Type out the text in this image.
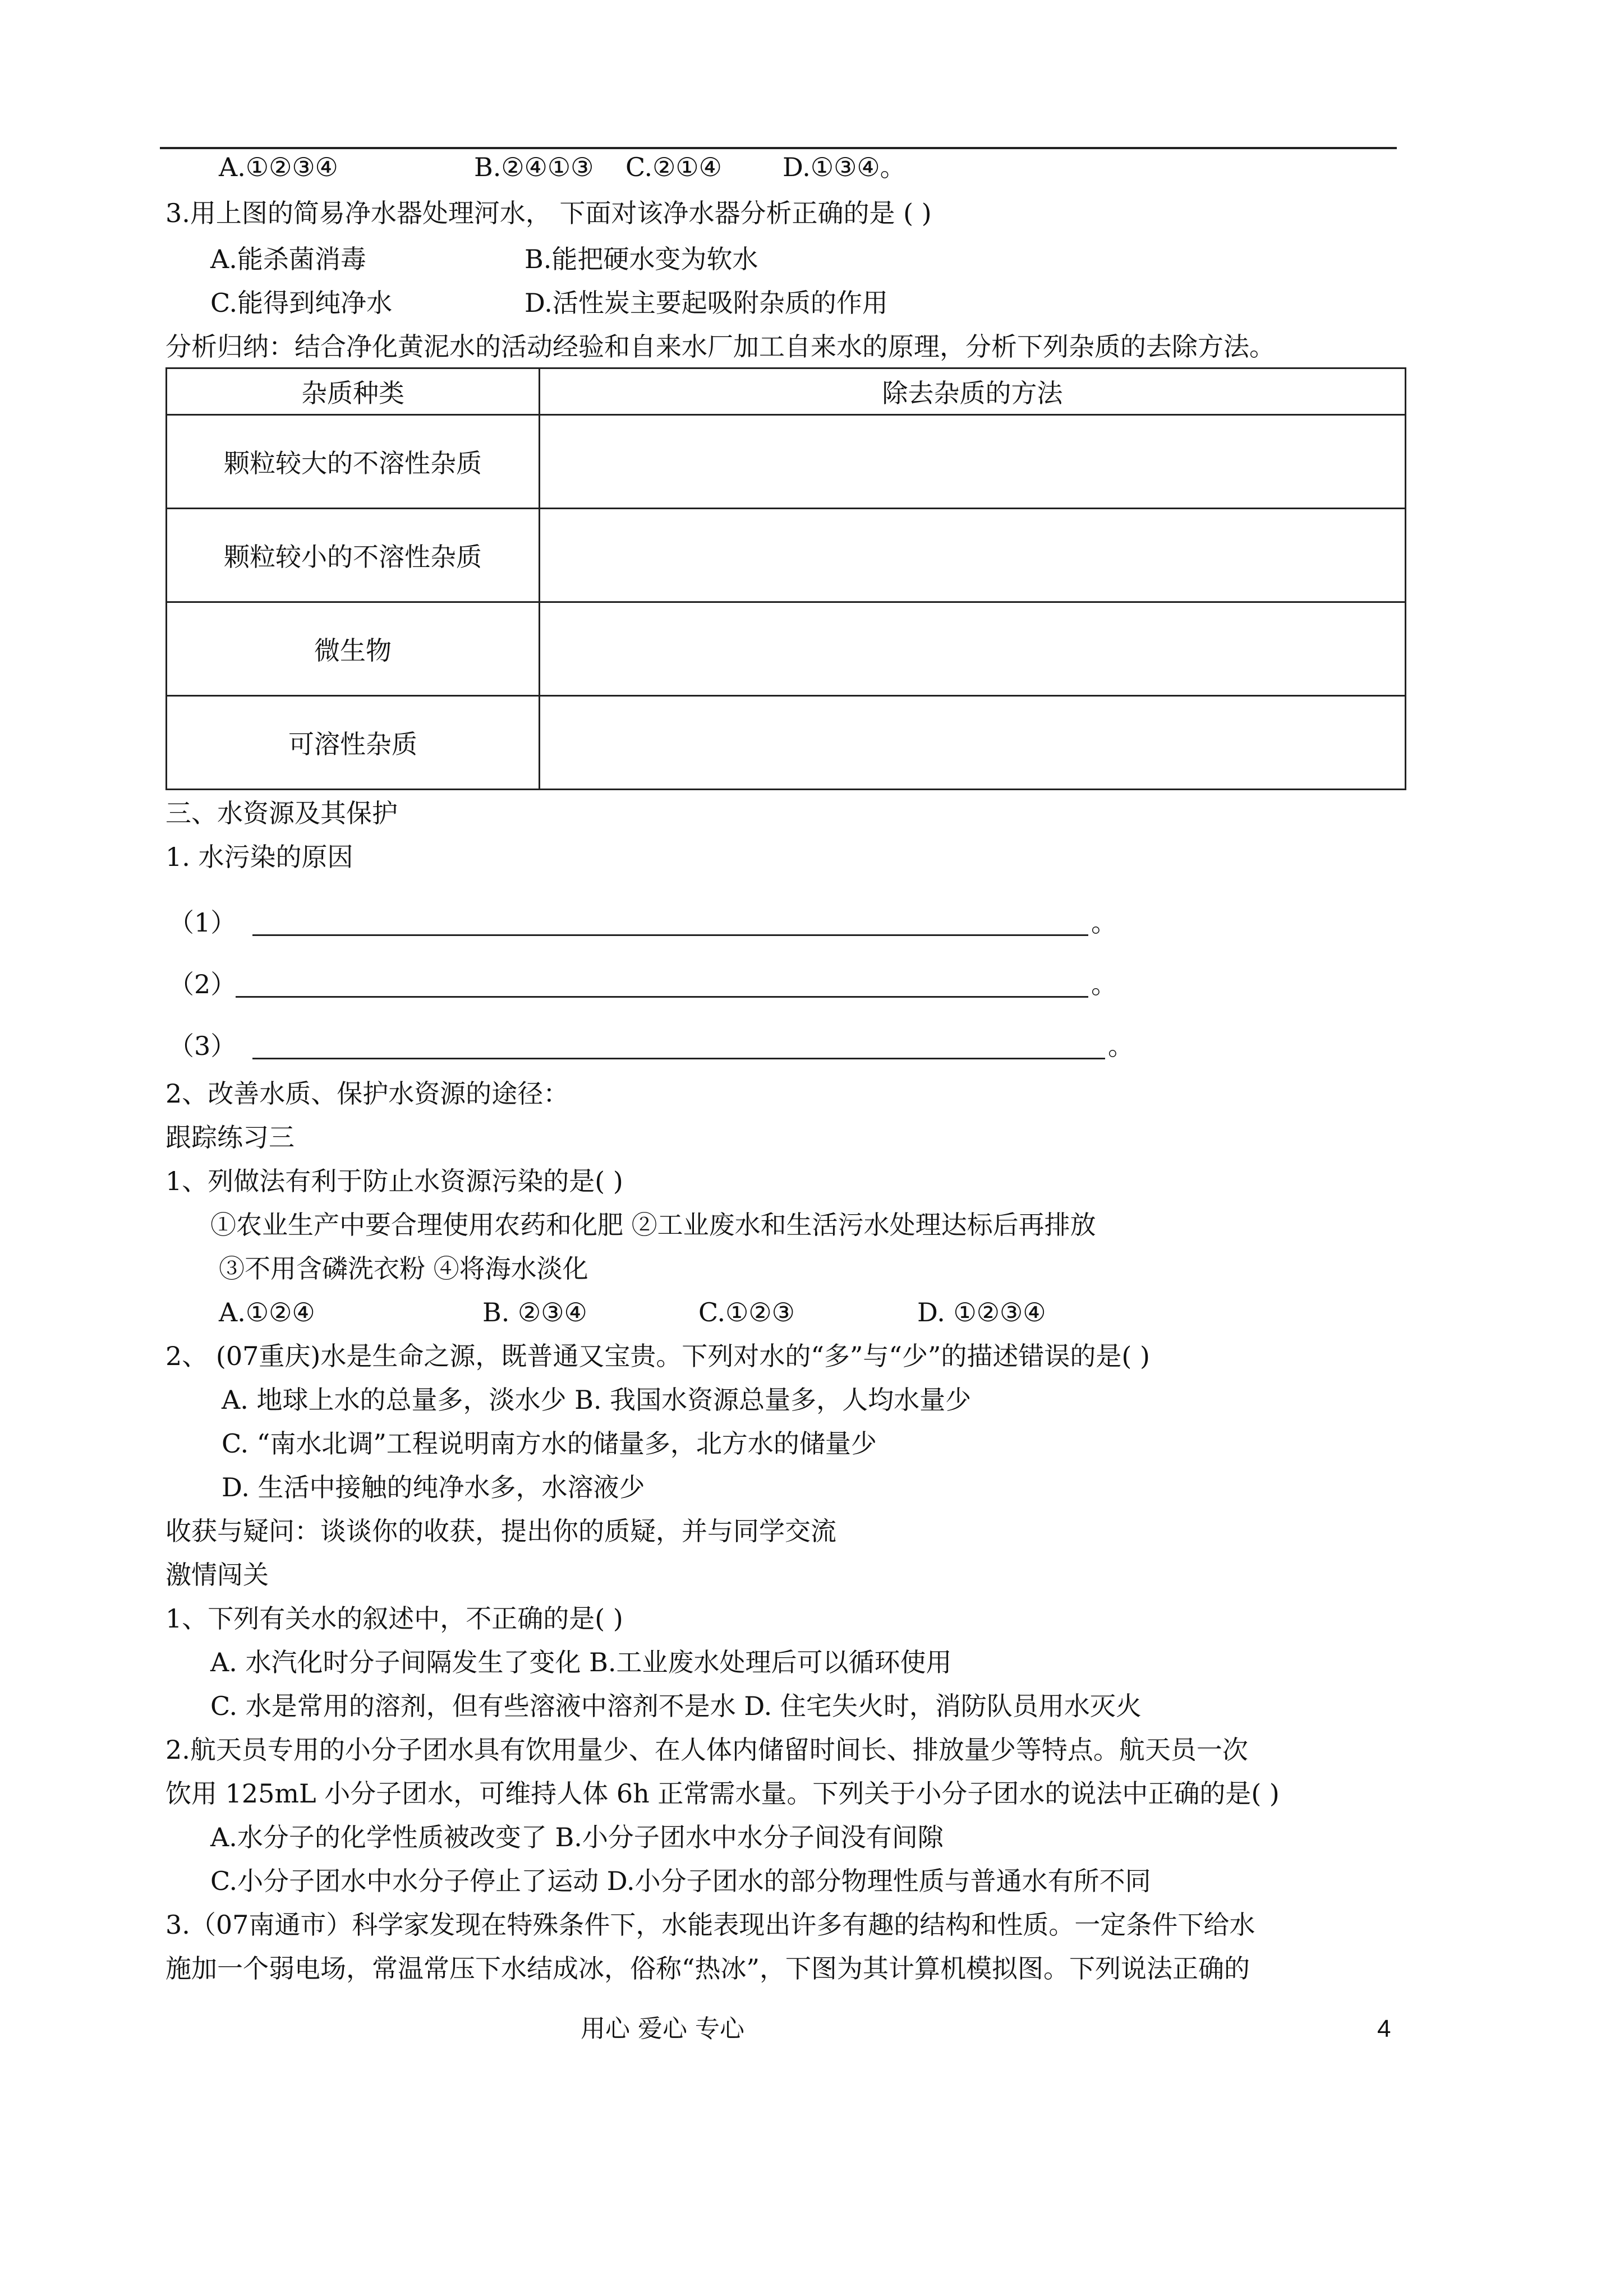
A.①②③④	B.②④①③ C.②①④ D.①③④。
3.用上图的简易净水器处理河水， 下面对该净水器分析正确的是 ( )
A.能杀菌消毒	B.能把硬水变为软水
C.能得到纯净水	D.活性炭主要起吸附杂质的作用
分析归纳：结合净化黄泥水的活动经验和自来水厂加工自来水的原理，分析下列杂质的去除方法。
杂质种类	除去杂质的方法
颗粒较大的不溶性杂质	
颗粒较小的不溶性杂质	
微生物	
可溶性杂质	
三、水资源及其保护
1. 水污染的原因
（1）	。
（2）	。
（3）	。
2、改善水质、保护水资源的途径：
跟踪练习三
1、列做法有利于防止水资源污染的是( )
①农业生产中要合理使用农药和化肥 ②工业废水和生活污水处理达标后再排放
③不用含磷洗衣粉 ④将海水淡化
A.①②④	B. ②③④	C.①②③	D. ①②③④
2、 (07重庆)水是生命之源，既普通又宝贵。下列对水的“多”与“少”的描述错误的是( )
A. 地球上水的总量多，淡水少 B. 我国水资源总量多，人均水量少
C. “南水北调”工程说明南方水的储量多，北方水的储量少
D. 生活中接触的纯净水多，水溶液少
收获与疑问：谈谈你的收获，提出你的质疑，并与同学交流
激情闯关
1、下列有关水的叙述中，不正确的是( )
A. 水汽化时分子间隔发生了变化 B.工业废水处理后可以循环使用
C. 水是常用的溶剂，但有些溶液中溶剂不是水 D. 住宅失火时，消防队员用水灭火
2.航天员专用的小分子团水具有饮用量少、在人体内储留时间长、排放量少等特点。航天员一次
饮用 125mL 小分子团水，可维持人体 6h 正常需水量。下列关于小分子团水的说法中正确的是( )
A.水分子的化学性质被改变了 B.小分子团水中水分子间没有间隙
C.小分子团水中水分子停止了运动 D.小分子团水的部分物理性质与普通水有所不同
3.（07南通市）科学家发现在特殊条件下，水能表现出许多有趣的结构和性质。一定条件下给水
施加一个弱电场，常温常压下水结成冰，俗称“热冰”，下图为其计算机模拟图。下列说法正确的
用心 爱心 专心	4
